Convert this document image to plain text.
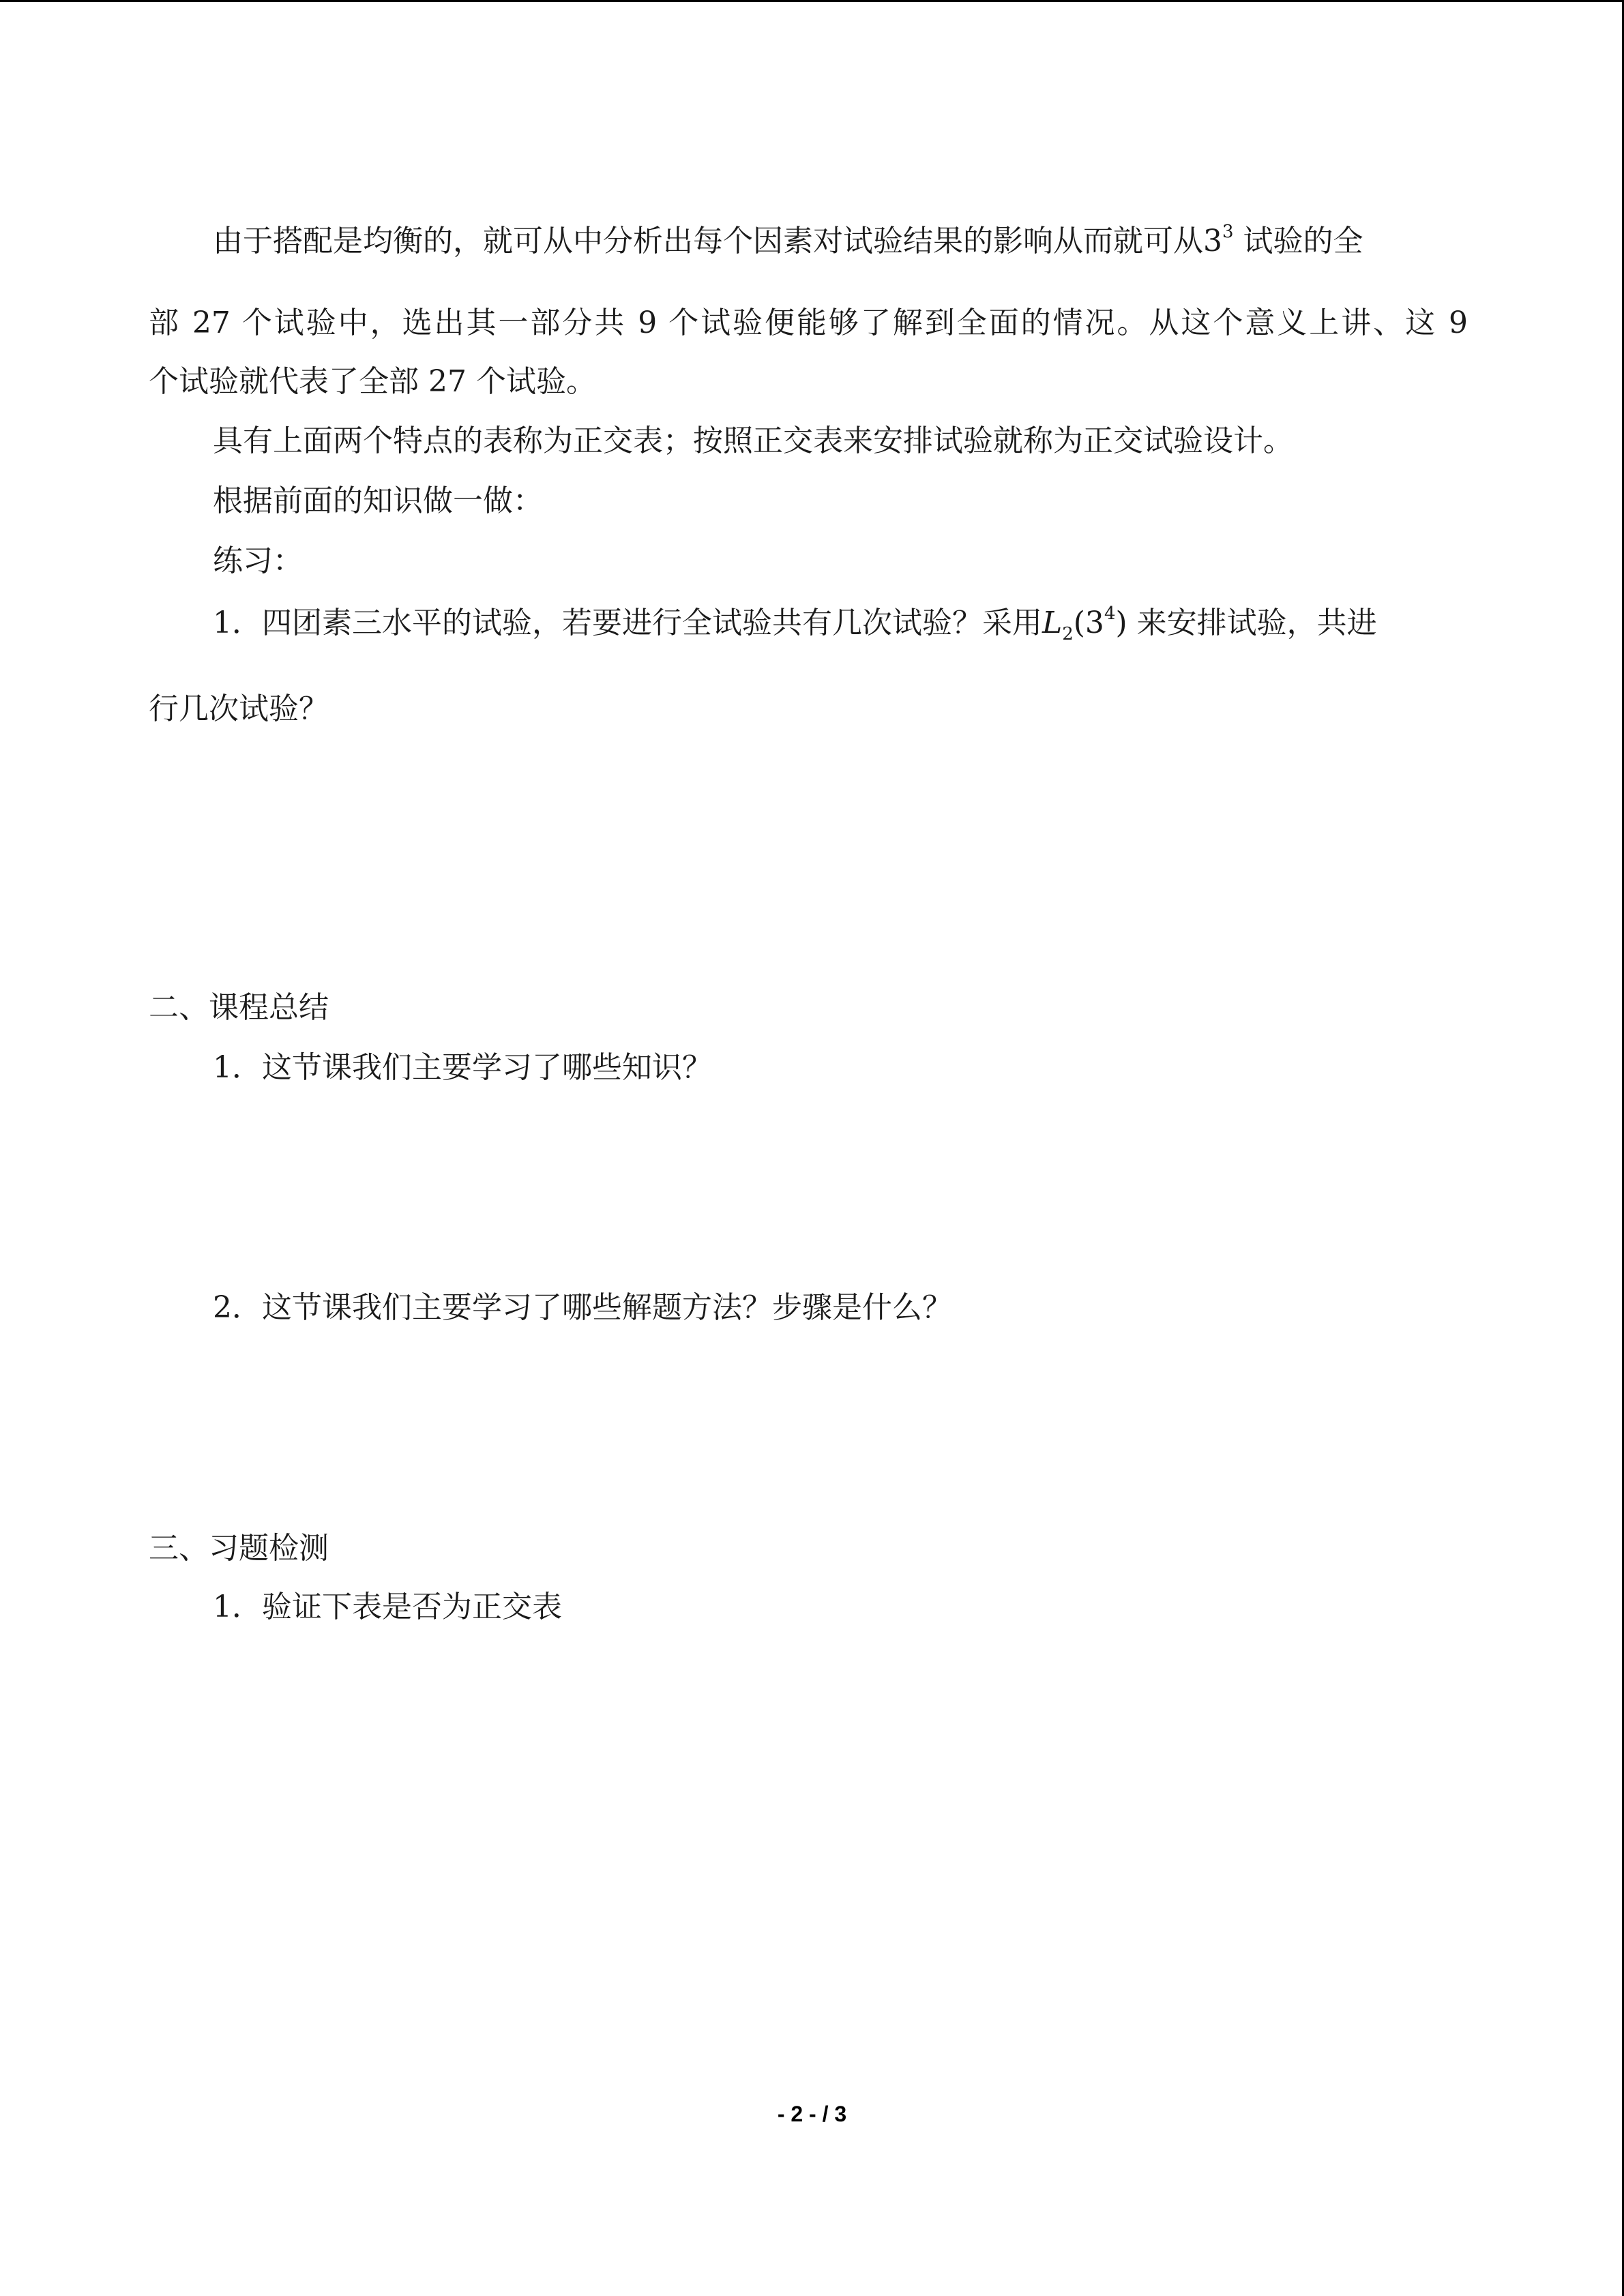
由于搭配是均衡的，就可从中分析出每个因素对试验结果的影响从而就可从$3^3$ 试验的全
部 27 个试验中，选出其一部分共 9 个试验便能够了解到全面的情况。从这个意义上讲、这 9
个试验就代表了全部 27 个试验。
具有上面两个特点的表称为正交表；按照正交表来安排试验就称为正交试验设计。
根据前面的知识做一做：
练习：
1．四团素三水平的试验，若要进行全试验共有几次试验？采用$L_2(3^4)$ 来安排试验，共进
行几次试验？
二、课程总结
1．这节课我们主要学习了哪些知识？
2．这节课我们主要学习了哪些解题方法？步骤是什么？
三、习题检测
1．验证下表是否为正交表
- 2 - / 3
